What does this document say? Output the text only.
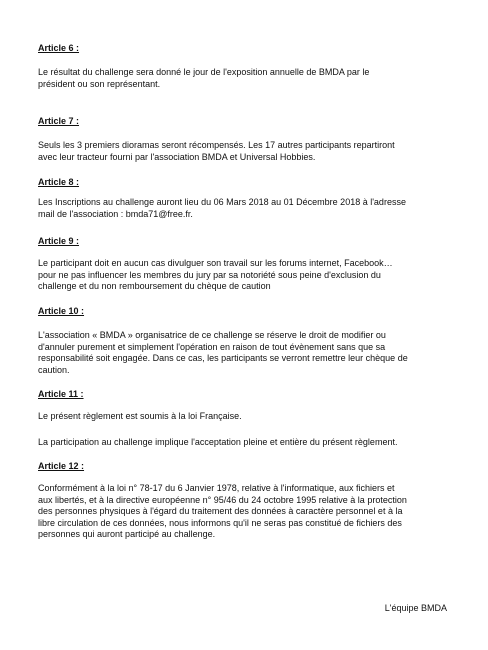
Article 6 :
Le résultat du challenge sera donné le jour de l'exposition annuelle de BMDA par le
président ou son représentant.
Article 7 :
Seuls les 3 premiers dioramas seront récompensés. Les 17 autres participants repartiront
avec leur tracteur fourni par l'association BMDA et Universal Hobbies.
Article 8 :
Les Inscriptions au challenge auront lieu du 06 Mars 2018 au 01 Décembre 2018 à l'adresse
mail de l'association : bmda71@free.fr.
Article 9 :
Le participant doit en aucun cas divulguer son travail sur les forums internet, Facebook…
pour ne pas influencer les membres du jury par sa notoriété sous peine d'exclusion du
challenge et du non remboursement du chèque de caution
Article 10 :
L'association « BMDA » organisatrice de ce challenge se réserve le droit de modifier ou
d'annuler purement et simplement l'opération en raison de tout évènement sans que sa
responsabilité soit engagée. Dans ce cas, les participants se verront remettre leur chèque de
caution.
Article 11 :
Le présent règlement est soumis à la loi Française.
La participation au challenge implique l'acceptation pleine et entière du présent règlement.
Article 12 :
Conformément à la loi n° 78-17 du 6 Janvier 1978, relative à l'informatique, aux fichiers et
aux libertés, et à la directive européenne n° 95/46 du 24 octobre 1995 relative à la protection
des personnes physiques à l'égard du traitement des données à caractère personnel et à la
libre circulation de ces données, nous informons qu'il ne seras pas constitué de fichiers des
personnes qui auront participé au challenge.
L'équipe BMDA
